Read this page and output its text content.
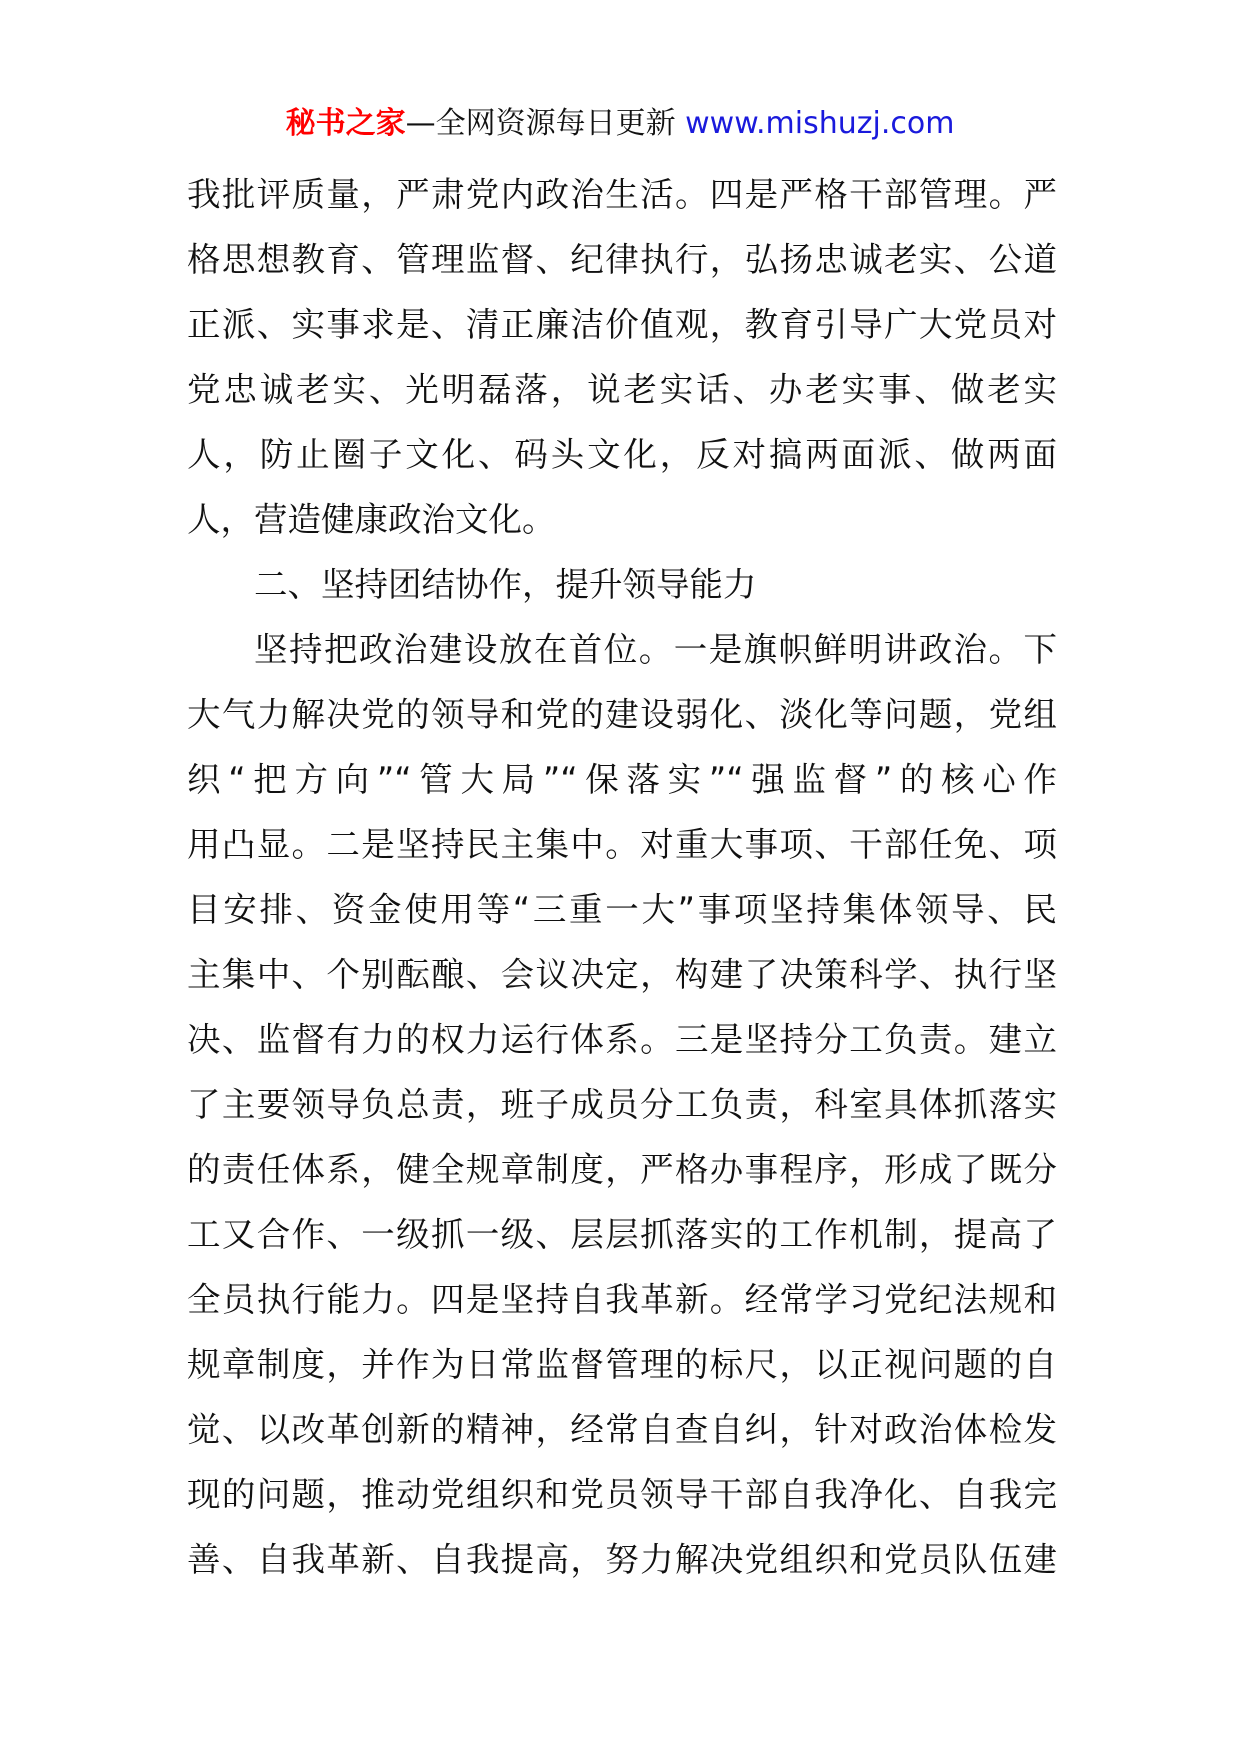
秘书之家—全网资源每日更新 www.mishuzj.com
我批评质量，严肃党内政治生活。四是严格干部管理。严
格思想教育、管理监督、纪律执行，弘扬忠诚老实、公道
正派、实事求是、清正廉洁价值观，教育引导广大党员对
党忠诚老实、光明磊落，说老实话、办老实事、做老实
人，防止圈子文化、码头文化，反对搞两面派、做两面
人，营造健康政治文化。
二、坚持团结协作，提升领导能力
坚持把政治建设放在首位。一是旗帜鲜明讲政治。下
大气力解决党的领导和党的建设弱化、淡化等问题，党组
织“把方向”“管大局”“保落实”“强监督”的核心作
用凸显。二是坚持民主集中。对重大事项、干部任免、项
目安排、资金使用等“三重一大”事项坚持集体领导、民
主集中、个别酝酿、会议决定，构建了决策科学、执行坚
决、监督有力的权力运行体系。三是坚持分工负责。建立
了主要领导负总责，班子成员分工负责，科室具体抓落实
的责任体系，健全规章制度，严格办事程序，形成了既分
工又合作、一级抓一级、层层抓落实的工作机制，提高了
全员执行能力。四是坚持自我革新。经常学习党纪法规和
规章制度，并作为日常监督管理的标尺，以正视问题的自
觉、以改革创新的精神，经常自查自纠，针对政治体检发
现的问题，推动党组织和党员领导干部自我净化、自我完
善、自我革新、自我提高，努力解决党组织和党员队伍建
